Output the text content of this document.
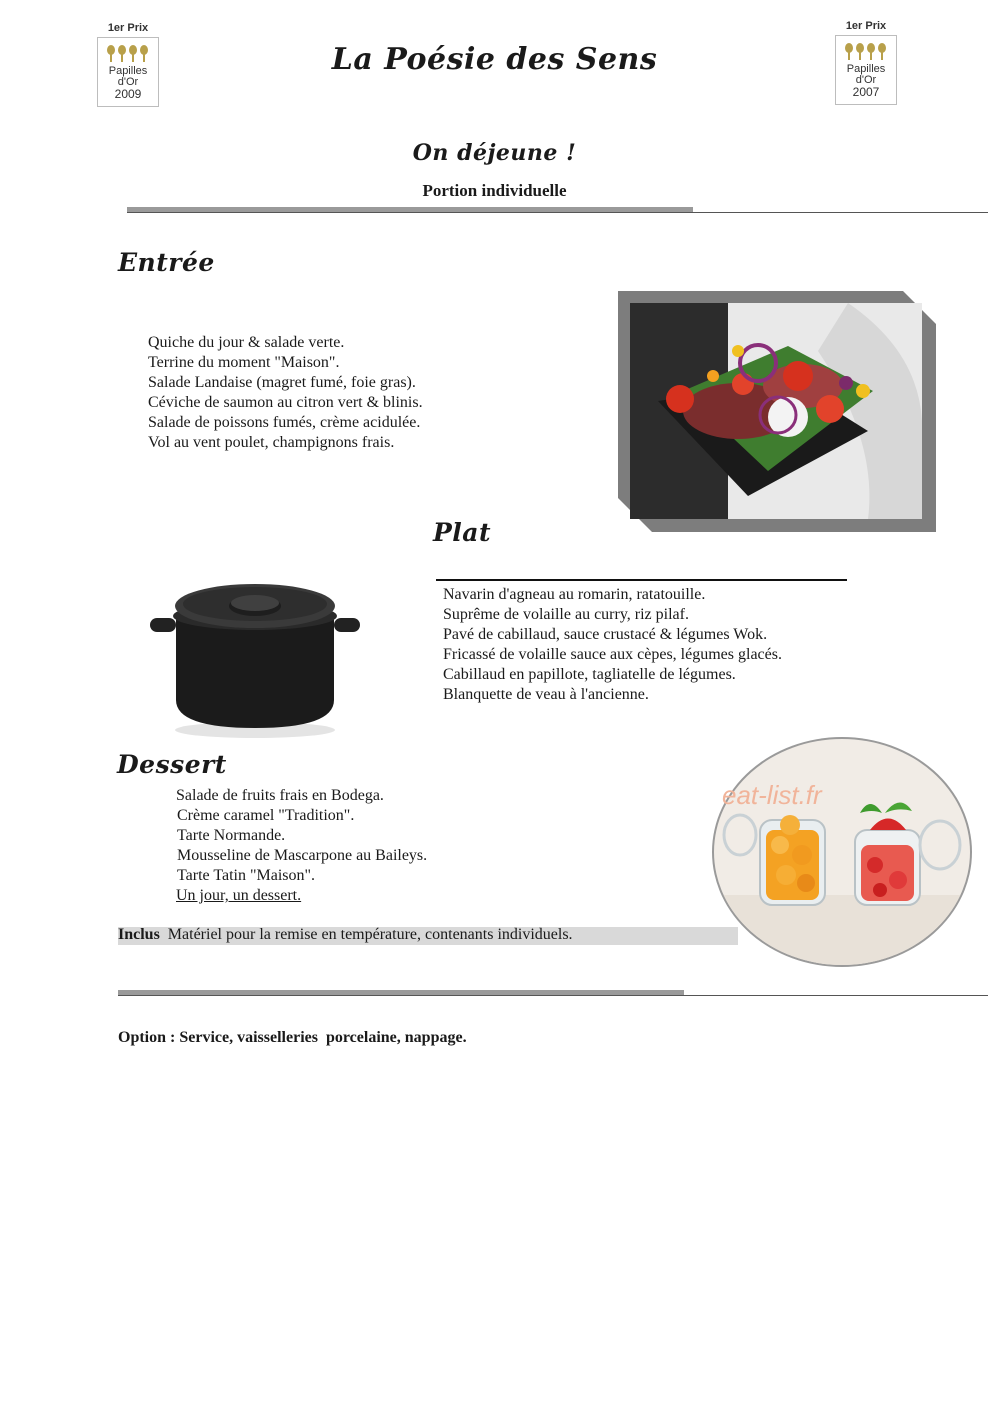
1er Prix
Papilles
d'Or
2009
1er Prix
Papilles
d'Or
2007
La Poésie des Sens
On déjeune !
Portion individuelle
Entrée
Quiche du jour & salade verte.
Terrine du moment "Maison".
Salade Landaise (magret fumé, foie gras).
Céviche de saumon au citron vert & blinis.
Salade de poissons fumés, crème acidulée.
Vol au vent poulet, champignons frais.
Plat
Navarin d'agneau au romarin, ratatouille.
Suprême de volaille au curry, riz pilaf.
Pavé de cabillaud, sauce crustacé & légumes Wok.
Fricassé de volaille sauce aux cèpes, légumes glacés.
Cabillaud en papillote, tagliatelle de légumes.
Blanquette de veau à l'ancienne.
Dessert
Salade de fruits frais en Bodega.
Crème caramel "Tradition".
Tarte Normande.
Mousseline de Mascarpone au Baileys.
Tarte Tatin "Maison".
Un jour, un dessert.
eat-list.fr
Inclus Matériel pour la remise en température, contenants individuels.
Option : Service, vaisselleries  porcelaine, nappage.
